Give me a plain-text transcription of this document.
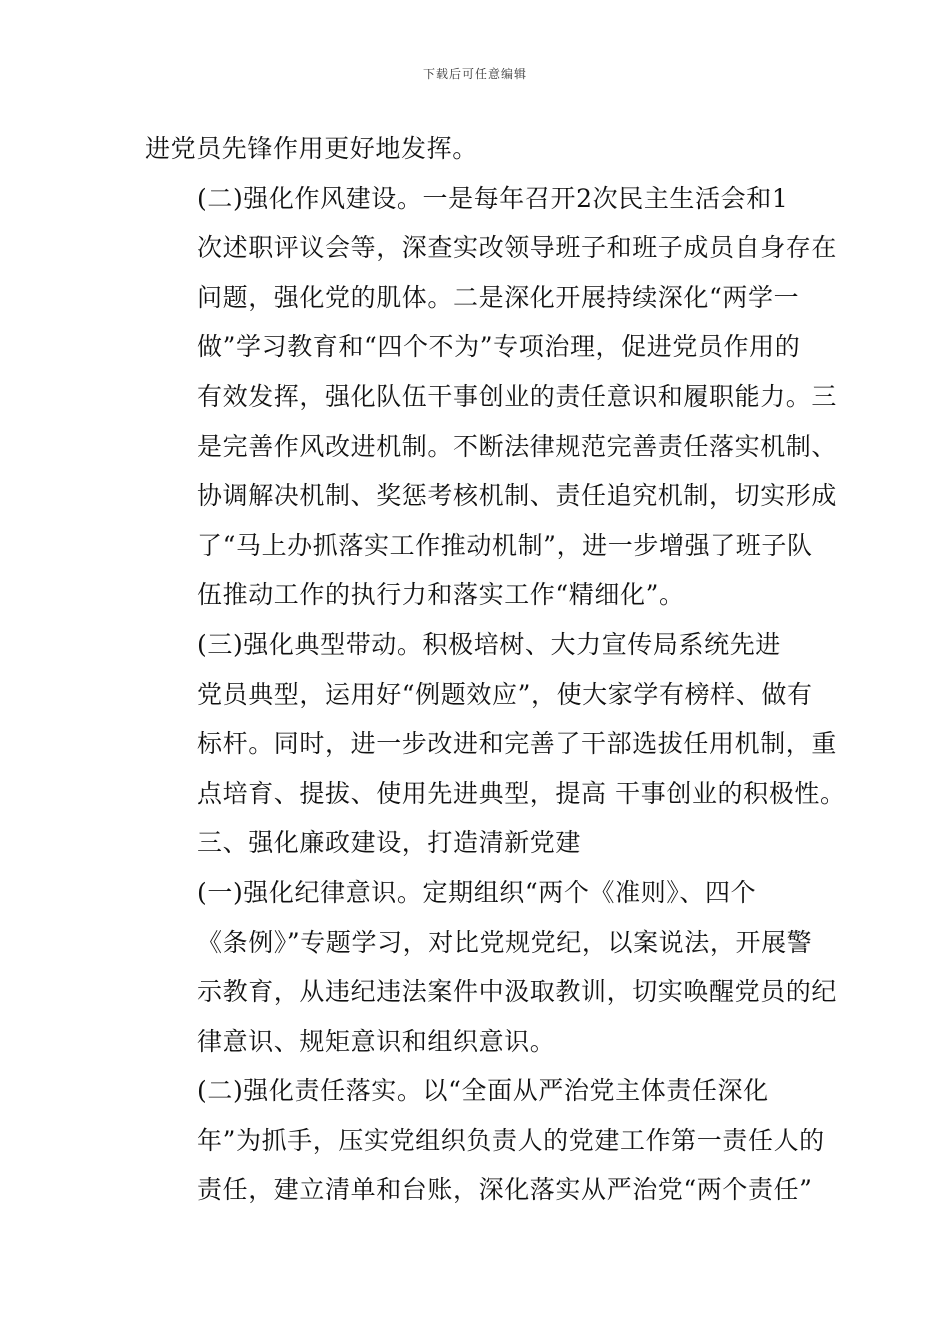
下载后可任意编辑
进党员先锋作用更好地发挥。
(二)强化作风建设。一是每年召开2次民主生活会和1
次述职评议会等，深查实改领导班子和班子成员自身存在
问题，强化党的肌体。二是深化开展持续深化“两学一
做”学习教育和“四个不为”专项治理，促进党员作用的
有效发挥，强化队伍干事创业的责任意识和履职能力。三
是完善作风改进机制。不断法律规范完善责任落实机制、
协调解决机制、奖惩考核机制、责任追究机制，切实形成
了“马上办抓落实工作推动机制”，进一步增强了班子队
伍推动工作的执行力和落实工作“精细化”。
(三)强化典型带动。积极培树、大力宣传局系统先进
党员典型，运用好“例题效应”，使大家学有榜样、做有
标杆。同时，进一步改进和完善了干部选拔任用机制，重
点培育、提拔、使用先进典型，提高 干事创业的积极性。
三、强化廉政建设，打造清新党建
(一)强化纪律意识。定期组织“两个《准则》、四个
《条例》”专题学习，对比党规党纪，以案说法，开展警
示教育，从违纪违法案件中汲取教训，切实唤醒党员的纪
律意识、规矩意识和组织意识。
(二)强化责任落实。以“全面从严治党主体责任深化
年”为抓手，压实党组织负责人的党建工作第一责任人的
责任，建立清单和台账，深化落实从严治党“两个责任”
